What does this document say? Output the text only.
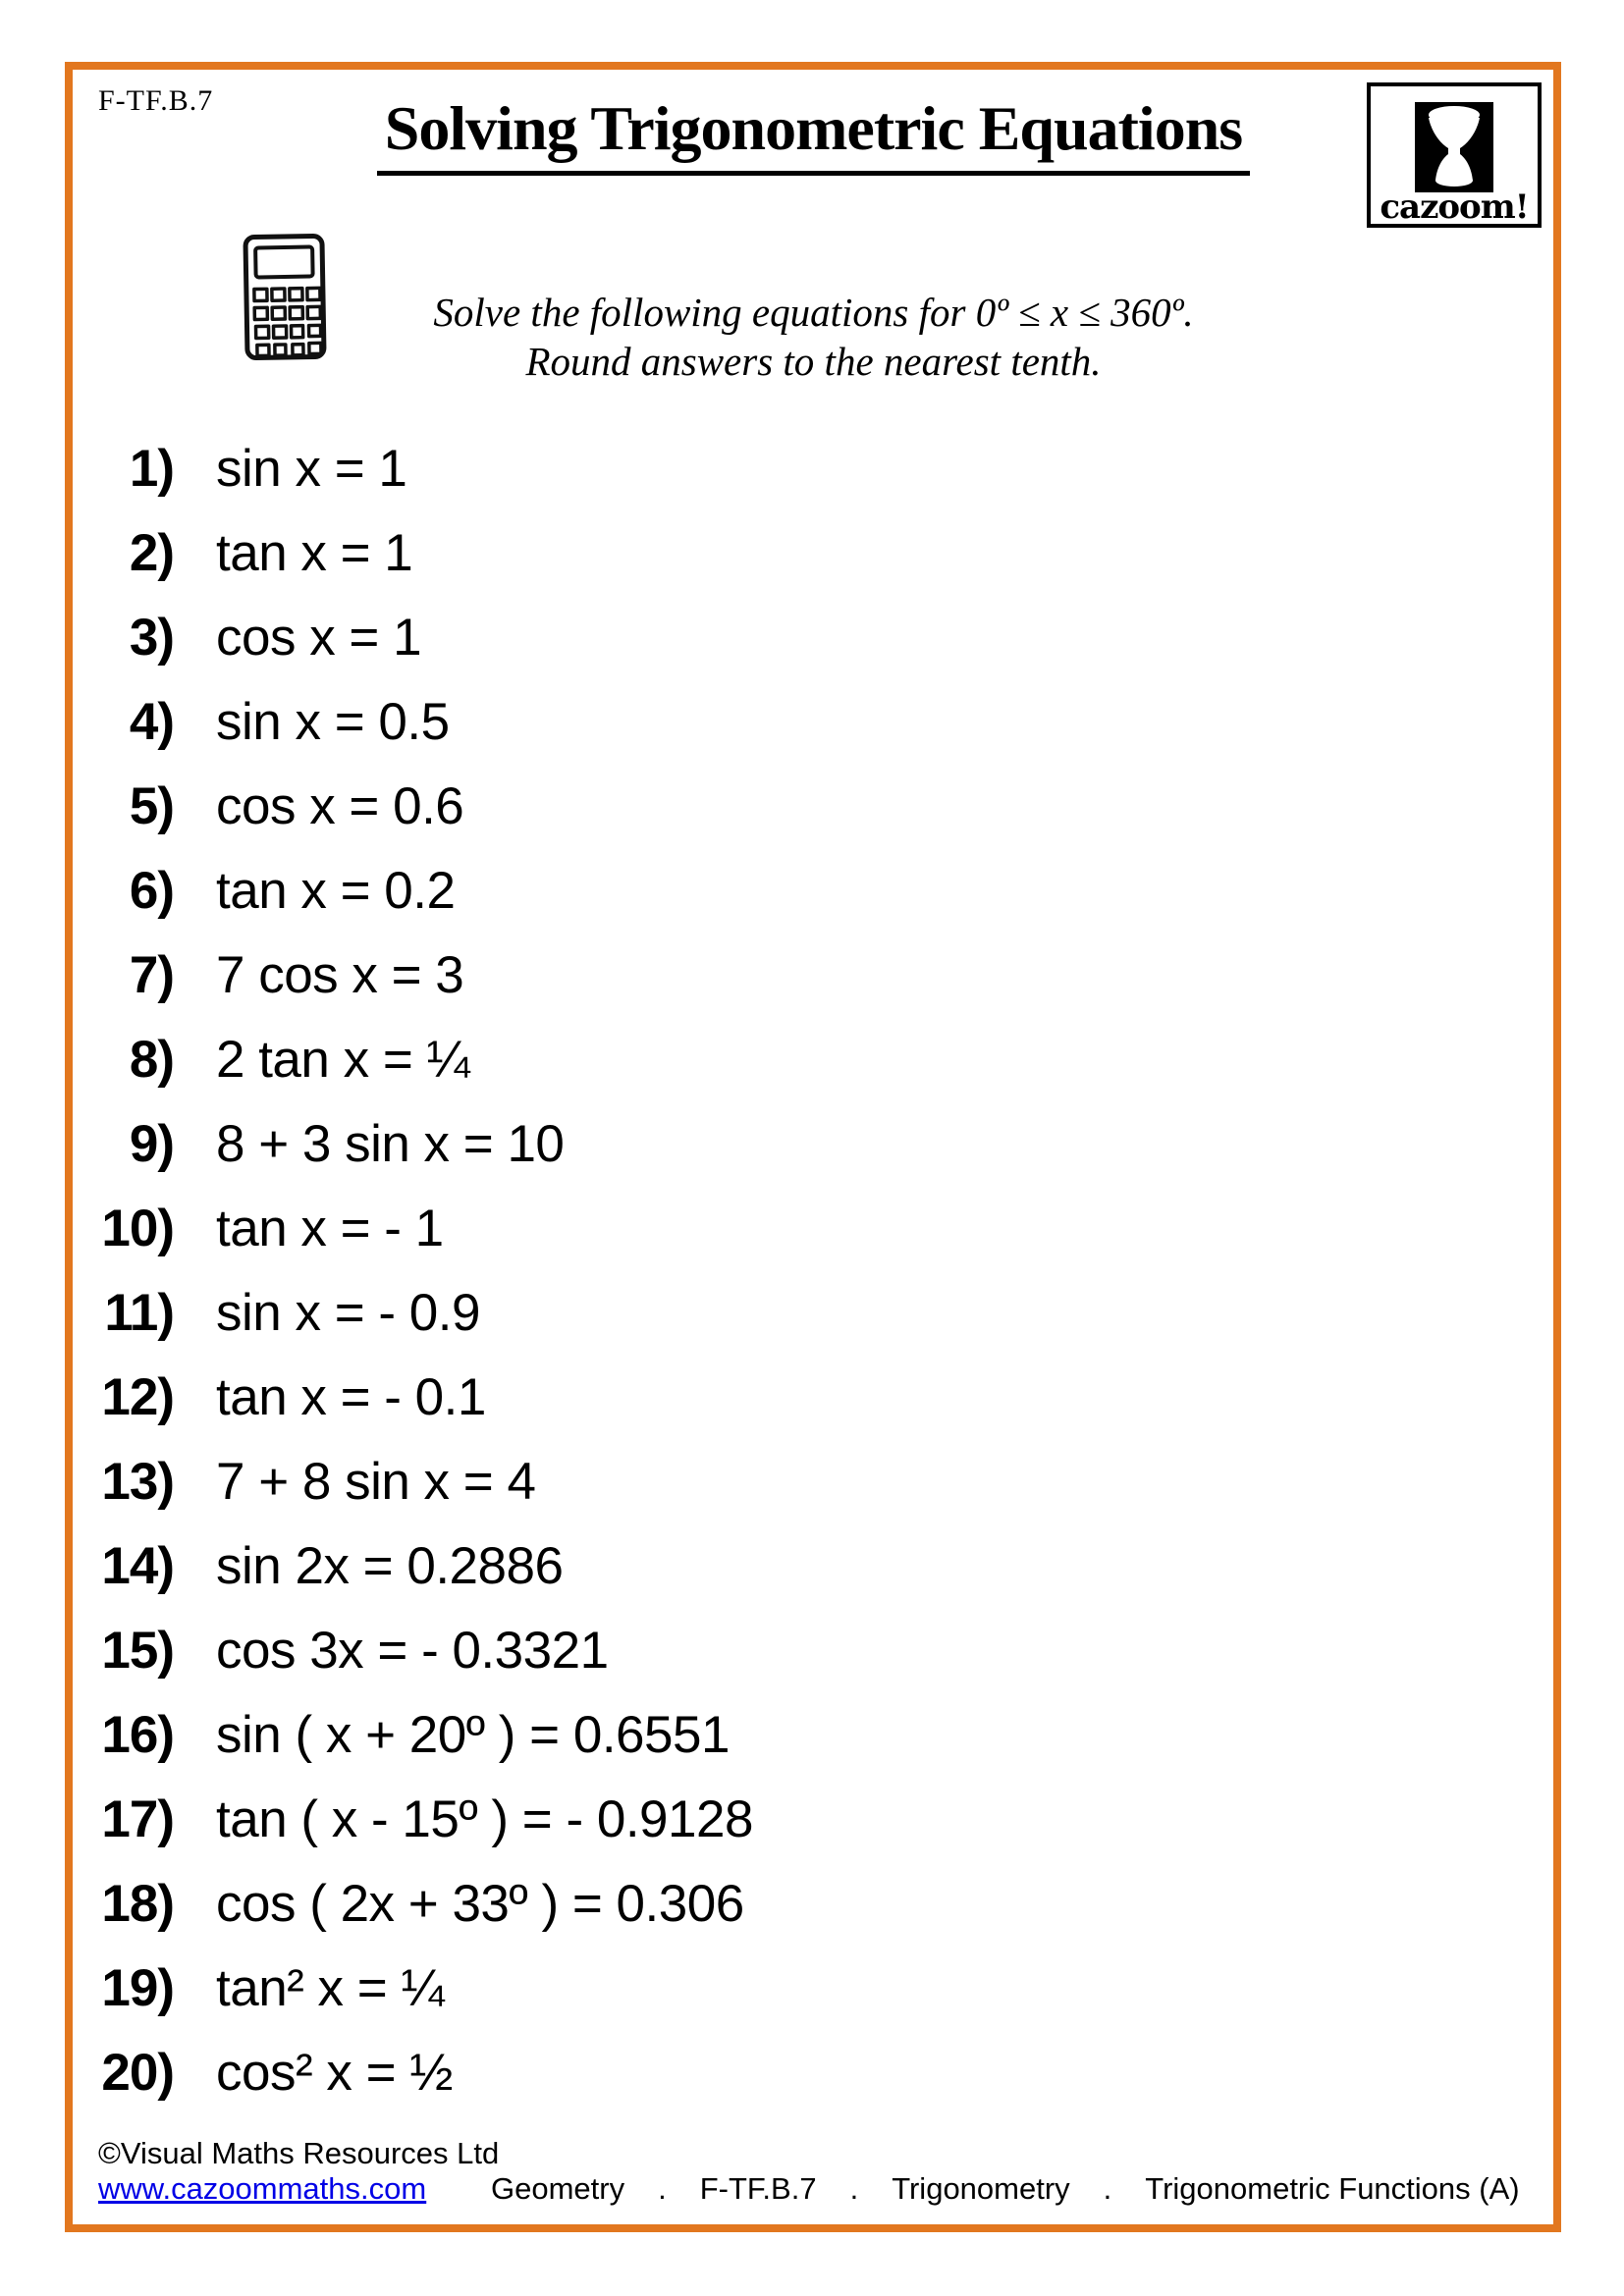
F-TF.B.7	Solving Trigonometric Equations
cazoom!
Solve the following equations for 0º ≤ x ≤ 360º.
Round answers to the nearest tenth.
1) sin x = 1
2) tan x = 1
3) cos x = 1
4) sin x = 0.5
5) cos x = 0.6
6) tan x = 0.2
7) 7 cos x = 3
8) 2 tan x = ¼
9) 8 + 3 sin x = 10
10) tan x = - 1
11) sin x = - 0.9
12) tan x = - 0.1
13) 7 + 8 sin x = 4
14) sin 2x = 0.2886
15) cos 3x = - 0.3321
16) sin ( x + 20º ) = 0.6551
17) tan ( x - 15º ) = - 0.9128
18) cos ( 2x + 33º ) = 0.306
19) tan² x = ¼
20) cos² x = ½
©Visual Maths Resources Ltd
www.cazoommaths.com Geometry . F-TF.B.7 . Trigonometry . Trigonometric Functions (A)
